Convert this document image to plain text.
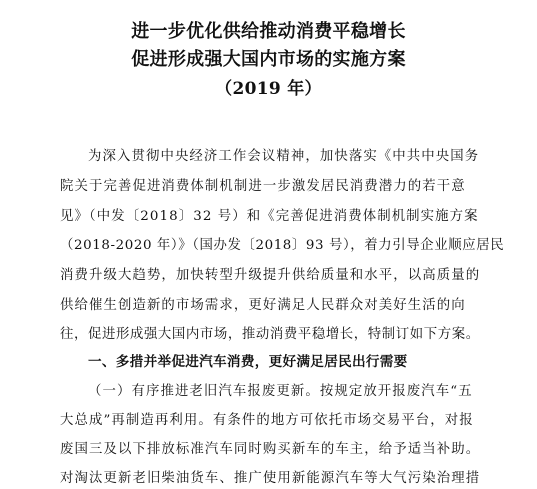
进一步优化供给推动消费平稳增长
促进形成强大国内市场的实施方案
（2019 年）
为深入贯彻中央经济工作会议精神，加快落实《中共中央国务
院关于完善促进消费体制机制进一步激发居民消费潜力的若干意
见》（中发〔2018〕32 号）和《完善促进消费体制机制实施方案
（2018-2020 年）》（国办发〔2018〕93 号），着力引导企业顺应居民
消费升级大趋势，加快转型升级提升供给质量和水平，以高质量的
供给催生创造新的市场需求，更好满足人民群众对美好生活的向
往，促进形成强大国内市场，推动消费平稳增长，特制订如下方案。
一、多措并举促进汽车消费，更好满足居民出行需要
（一）有序推进老旧汽车报废更新。按规定放开报废汽车“五
大总成”再制造再利用。有条件的地方可依托市场交易平台，对报
废国三及以下排放标准汽车同时购买新车的车主，给予适当补助。
对淘汰更新老旧柴油货车、推广使用新能源汽车等大气污染治理措
